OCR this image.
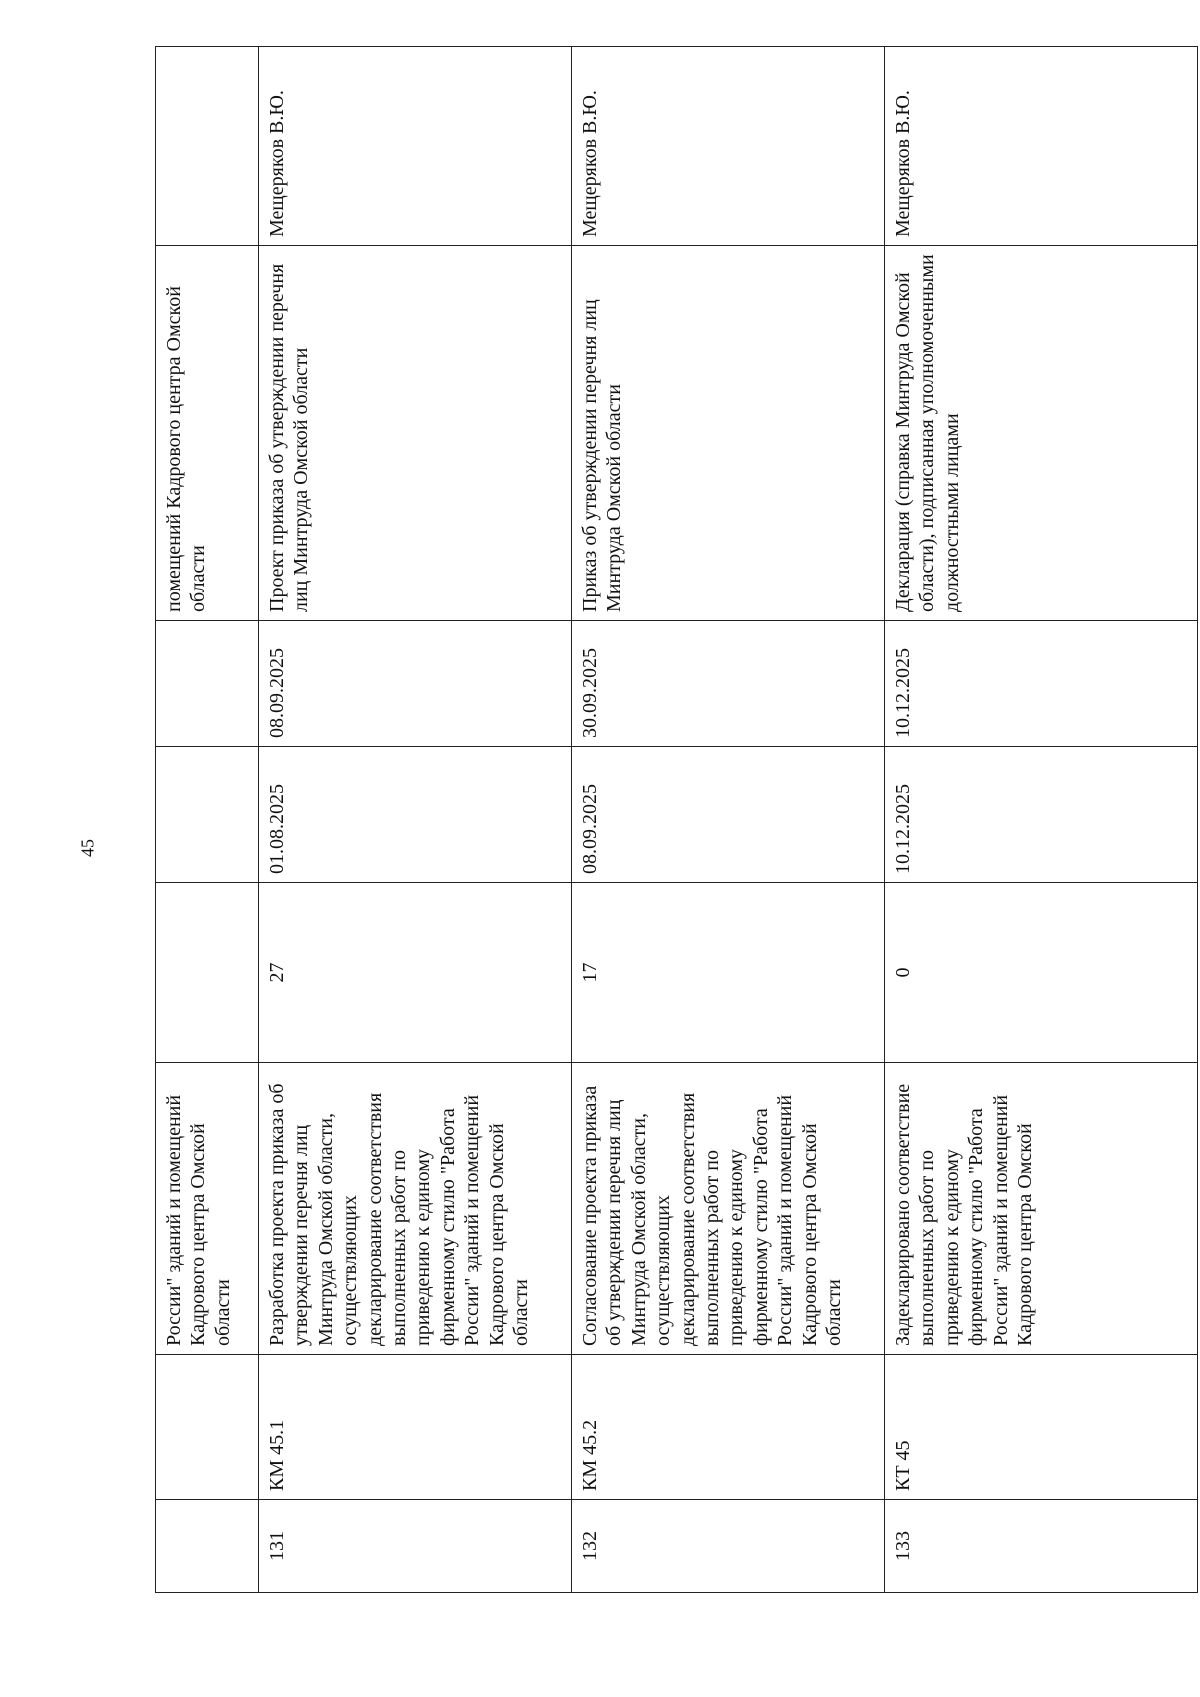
45
		России" зданий и помещений Кадрового центра Омской области				помещений Кадрового центра Омской области	
131	КМ 45.1	Разработка проекта приказа об утверждении перечня лиц Минтруда Омской области, осуществляющих декларирование соответствия выполненных работ по приведению к единому фирменному стилю "Работа России" зданий и помещений Кадрового центра Омской области	27	01.08.2025	08.09.2025	Проект приказа об утверждении перечня лиц Минтруда Омской области	Мещеряков В.Ю.
132	КМ 45.2	Согласование проекта приказа об утверждении перечня лиц Минтруда Омской области, осуществляющих декларирование соответствия выполненных работ по приведению к единому фирменному стилю "Работа России" зданий и помещений Кадрового центра Омской области	17	08.09.2025	30.09.2025	Приказ об утверждении перечня лиц Минтруда Омской области	Мещеряков В.Ю.
133	КТ 45	Задекларировано соответствие выполненных работ по приведению к единому фирменному стилю "Работа России" зданий и помещений Кадрового центра Омской	0	10.12.2025	10.12.2025	Декларация (справка Минтруда Омской области), подписанная уполномоченными должностными лицами	Мещеряков В.Ю.
